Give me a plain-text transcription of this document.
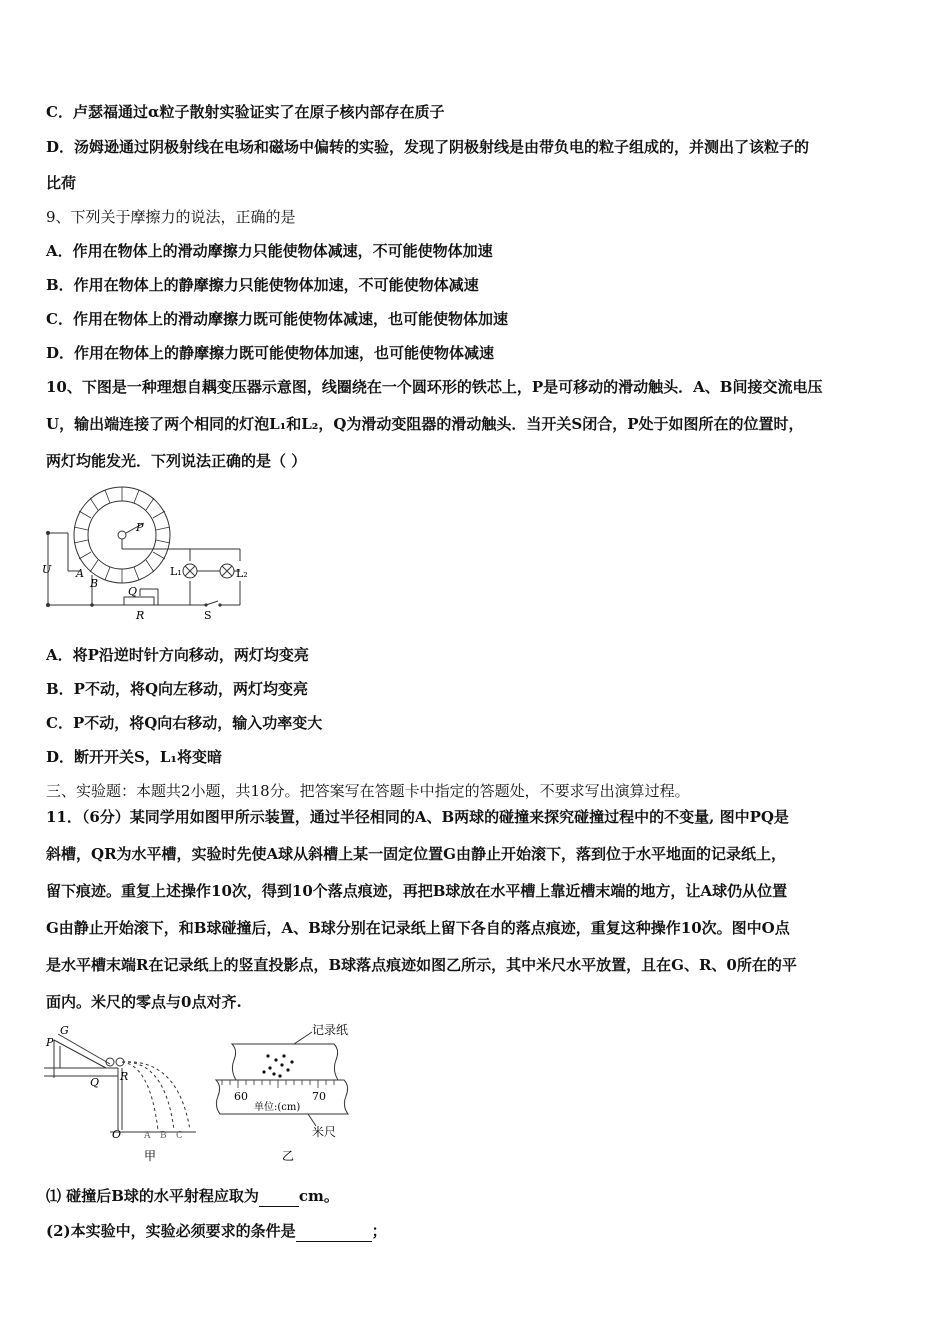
C．卢瑟福通过α粒子散射实验证实了在原子核内部存在质子
D．汤姆逊通过阴极射线在电场和磁场中偏转的实验，发现了阴极射线是由带负电的粒子组成的，并测出了该粒子的
比荷
9、下列关于摩擦力的说法，正确的是
A．作用在物体上的滑动摩擦力只能使物体减速，不可能使物体加速
B．作用在物体上的静摩擦力只能使物体加速，不可能使物体减速
C．作用在物体上的滑动摩擦力既可能使物体减速，也可能使物体加速
D．作用在物体上的静摩擦力既可能使物体加速，也可能使物体减速
10、下图是一种理想自耦变压器示意图，线圈绕在一个圆环形的铁芯上，P是可移动的滑动触头．A、B间接交流电压
U，输出端连接了两个相同的灯泡L₁和L₂，Q为滑动变阻器的滑动触头．当开关S闭合，P处于如图所在的位置时，
两灯均能发光．下列说法正确的是（ ）
P
U A
B
Q
R
L₁	L₂
S
A．将P沿逆时针方向移动，两灯均变亮
B．P不动，将Q向左移动，两灯均变亮
C．P不动，将Q向右移动，输入功率变大
D．断开开关S，L₁将变暗
三、实验题：本题共2小题，共18分。把答案写在答题卡中指定的答题处，不要求写出演算过程。
11．（6分）某同学用如图甲所示装置，通过半径相同的A、B两球的碰撞来探究碰撞过程中的不变量, 图中PQ是
斜槽，QR为水平槽，实验时先使A球从斜槽上某一固定位置G由静止开始滚下，落到位于水平地面的记录纸上，
留下痕迹。重复上述操作10次，得到10个落点痕迹，再把B球放在水平槽上靠近槽末端的地方，让A球仍从位置
G由静止开始滚下，和B球碰撞后，A、B球分别在记录纸上留下各自的落点痕迹，重复这种操作10次。图中O点
是水平槽末端R在记录纸上的竖直投影点，B球落点痕迹如图乙所示，其中米尺水平放置，且在G、R、0所在的平
面内。米尺的零点与0点对齐.
G
P
Q R
O	A B C
甲
记录纸
60	70
单位:(cm)
米尺
乙
⑴ 碰撞后B球的水平射程应取为	cm。
(2)本实验中，实验必须要求的条件是	；
